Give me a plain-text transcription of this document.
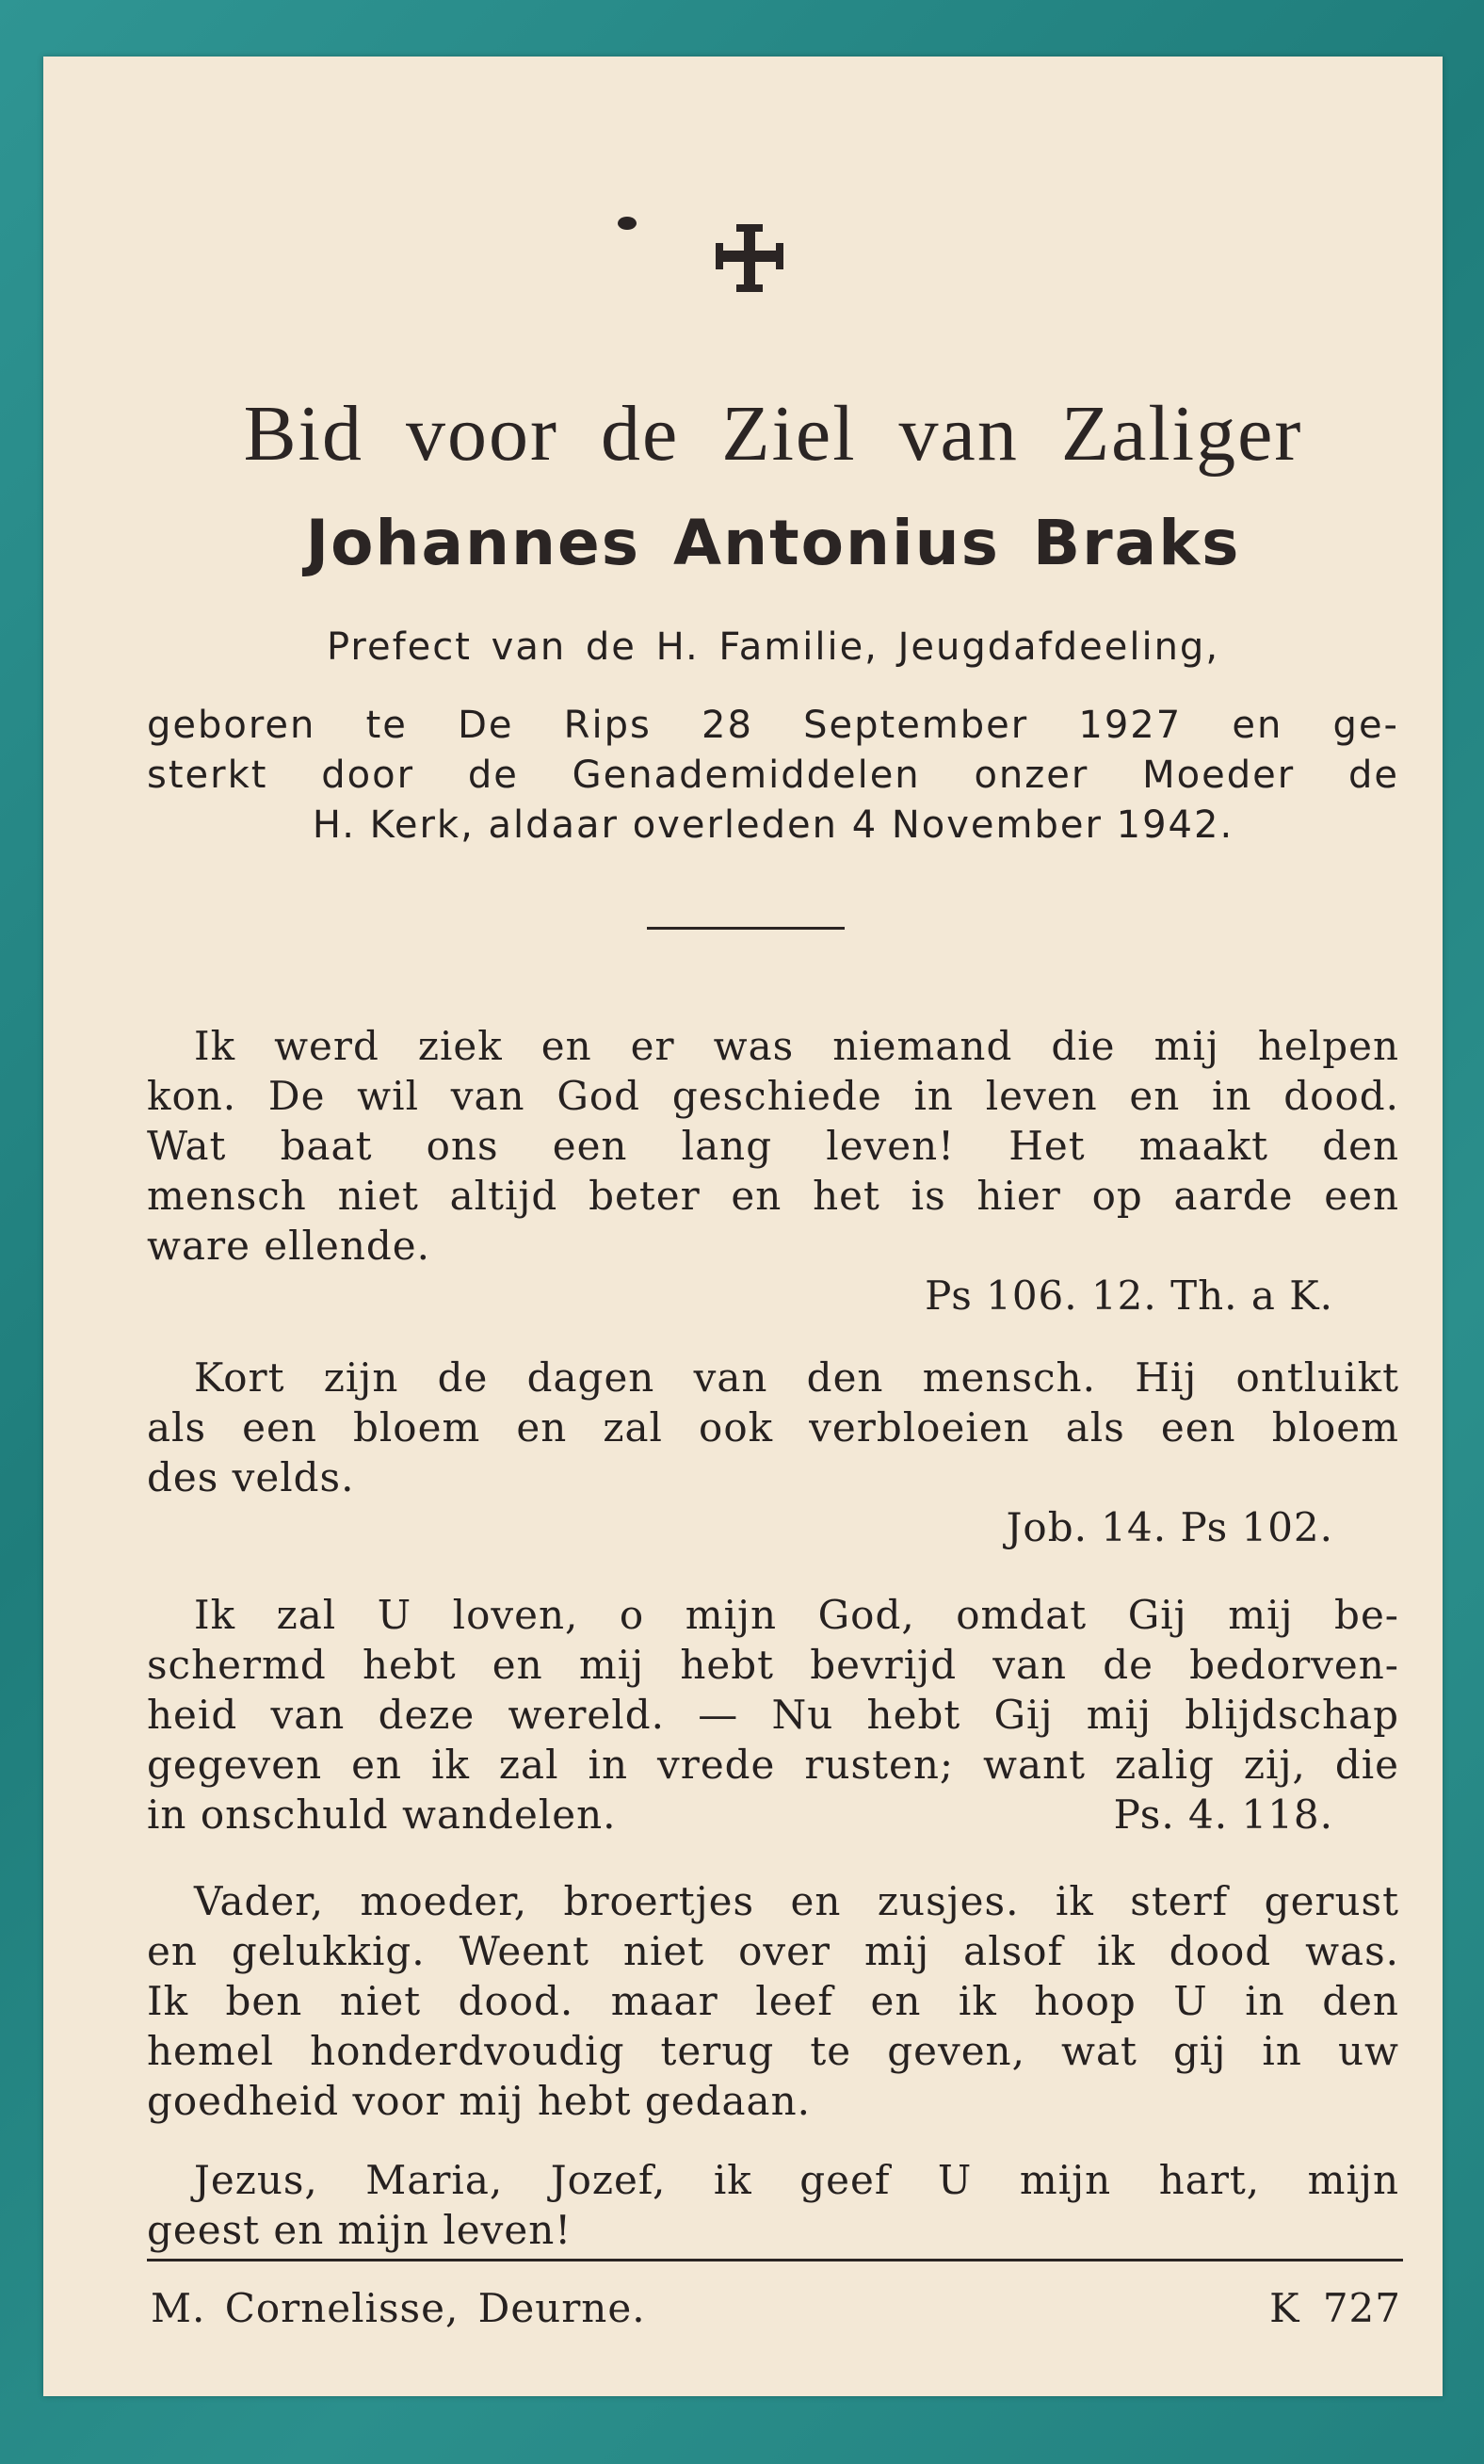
Bid voor de Ziel van Zaliger
Johannes Antonius Braks
Prefect van de H. Familie, Jeugdafdeeling,
geboren te De Rips 28 September 1927 en ge-
sterkt door de Genademiddelen onzer Moeder de
H. Kerk, aldaar overleden 4 November 1942.
Ik werd ziek en er was niemand die mij helpen
kon. De wil van God geschiede in leven en in dood.
Wat baat ons een lang leven! Het maakt den
mensch niet altijd beter en het is hier op aarde een
ware ellende.
Ps 106. 12. Th. a K.
Kort zijn de dagen van den mensch. Hij ontluikt
als een bloem en zal ook verbloeien als een bloem
des velds.
Job. 14. Ps 102.
Ik zal U loven, o mijn God, omdat Gij mij be-
schermd hebt en mij hebt bevrijd van de bedorven-
heid van deze wereld. — Nu hebt Gij mij blijdschap
gegeven en ik zal in vrede rusten; want zalig zij, die
in onschuld wandelen.	Ps. 4. 118.
Vader, moeder, broertjes en zusjes. ik sterf gerust
en gelukkig. Weent niet over mij alsof ik dood was.
Ik ben niet dood. maar leef en ik hoop U in den
hemel honderdvoudig terug te geven, wat gij in uw
goedheid voor mij hebt gedaan.
Jezus, Maria, Jozef, ik geef U mijn hart, mijn
geest en mijn leven!
M. Cornelisse, Deurne.	K 727
